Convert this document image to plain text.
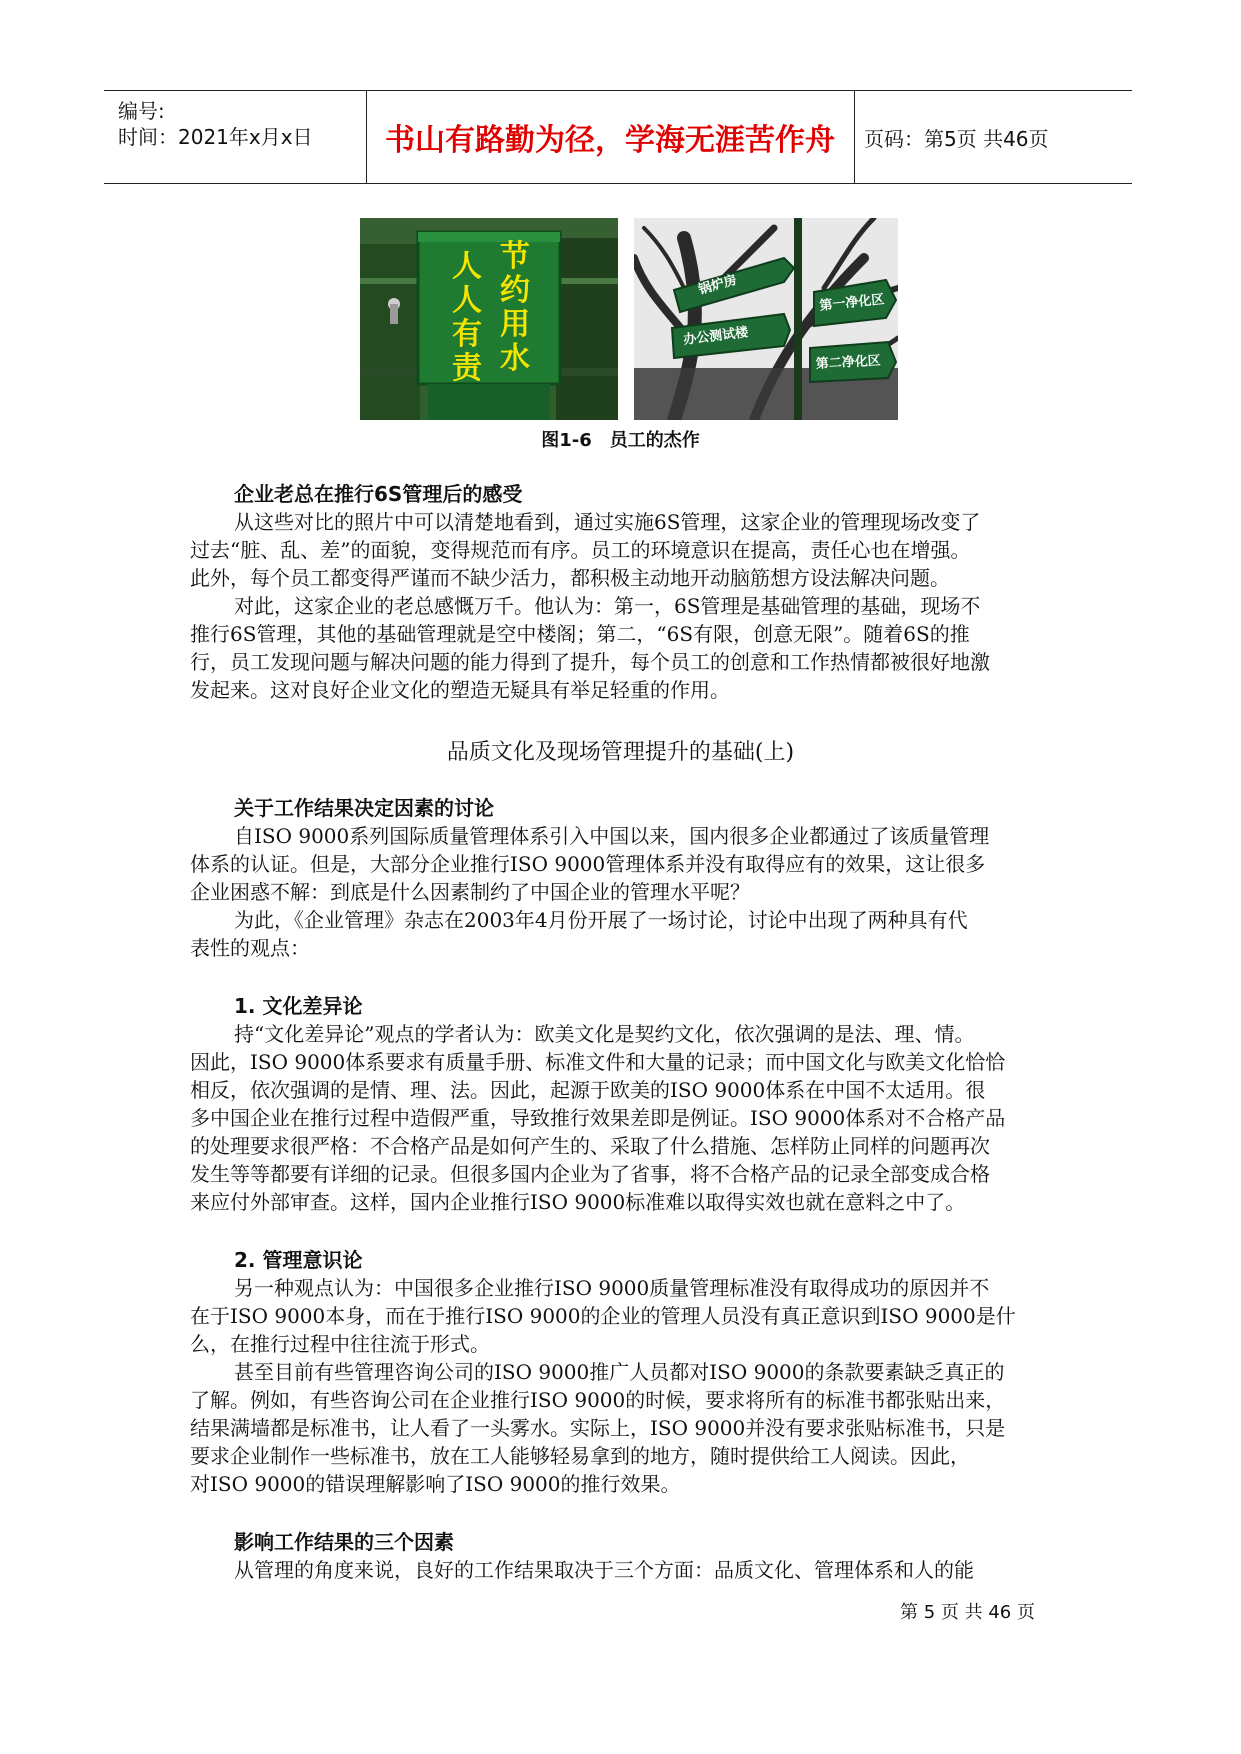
编号:
时间：2021年x月x日	书山有路勤为径，学海无涯苦作舟	页码：第5页 共46页
节
约
用
水
人
人
有
责
锅炉房
第一净化区
办公测试楼
第二净化区
图1-6　员工的杰作
企业老总在推行6S管理后的感受
从这些对比的照片中可以清楚地看到，通过实施6S管理，这家企业的管理现场改变了
过去“脏、乱、差”的面貌，变得规范而有序。员工的环境意识在提高，责任心也在增强。
此外，每个员工都变得严谨而不缺少活力，都积极主动地开动脑筋想方设法解决问题。
对此，这家企业的老总感慨万千。他认为：第一，6S管理是基础管理的基础，现场不
推行6S管理，其他的基础管理就是空中楼阁；第二，“6S有限，创意无限”。随着6S的推
行，员工发现问题与解决问题的能力得到了提升，每个员工的创意和工作热情都被很好地激
发起来。这对良好企业文化的塑造无疑具有举足轻重的作用。
品质文化及现场管理提升的基础(上)
关于工作结果决定因素的讨论
自ISO 9000系列国际质量管理体系引入中国以来，国内很多企业都通过了该质量管理
体系的认证。但是，大部分企业推行ISO 9000管理体系并没有取得应有的效果，这让很多
企业困惑不解：到底是什么因素制约了中国企业的管理水平呢？
为此，《企业管理》杂志在2003年4月份开展了一场讨论，讨论中出现了两种具有代
表性的观点：
1. 文化差异论
持“文化差异论”观点的学者认为：欧美文化是契约文化，依次强调的是法、理、情。
因此，ISO 9000体系要求有质量手册、标准文件和大量的记录；而中国文化与欧美文化恰恰
相反，依次强调的是情、理、法。因此，起源于欧美的ISO 9000体系在中国不太适用。很
多中国企业在推行过程中造假严重，导致推行效果差即是例证。ISO 9000体系对不合格产品
的处理要求很严格：不合格产品是如何产生的、采取了什么措施、怎样防止同样的问题再次
发生等等都要有详细的记录。但很多国内企业为了省事，将不合格产品的记录全部变成合格
来应付外部审查。这样，国内企业推行ISO 9000标准难以取得实效也就在意料之中了。
2. 管理意识论
另一种观点认为：中国很多企业推行ISO 9000质量管理标准没有取得成功的原因并不
在于ISO 9000本身，而在于推行ISO 9000的企业的管理人员没有真正意识到ISO 9000是什
么，在推行过程中往往流于形式。
甚至目前有些管理咨询公司的ISO 9000推广人员都对ISO 9000的条款要素缺乏真正的
了解。例如，有些咨询公司在企业推行ISO 9000的时候，要求将所有的标准书都张贴出来，
结果满墙都是标准书，让人看了一头雾水。实际上，ISO 9000并没有要求张贴标准书，只是
要求企业制作一些标准书，放在工人能够轻易拿到的地方，随时提供给工人阅读。因此，
对ISO 9000的错误理解影响了ISO 9000的推行效果。
影响工作结果的三个因素
从管理的角度来说，良好的工作结果取决于三个方面：品质文化、管理体系和人的能
第 5 页 共 46 页
